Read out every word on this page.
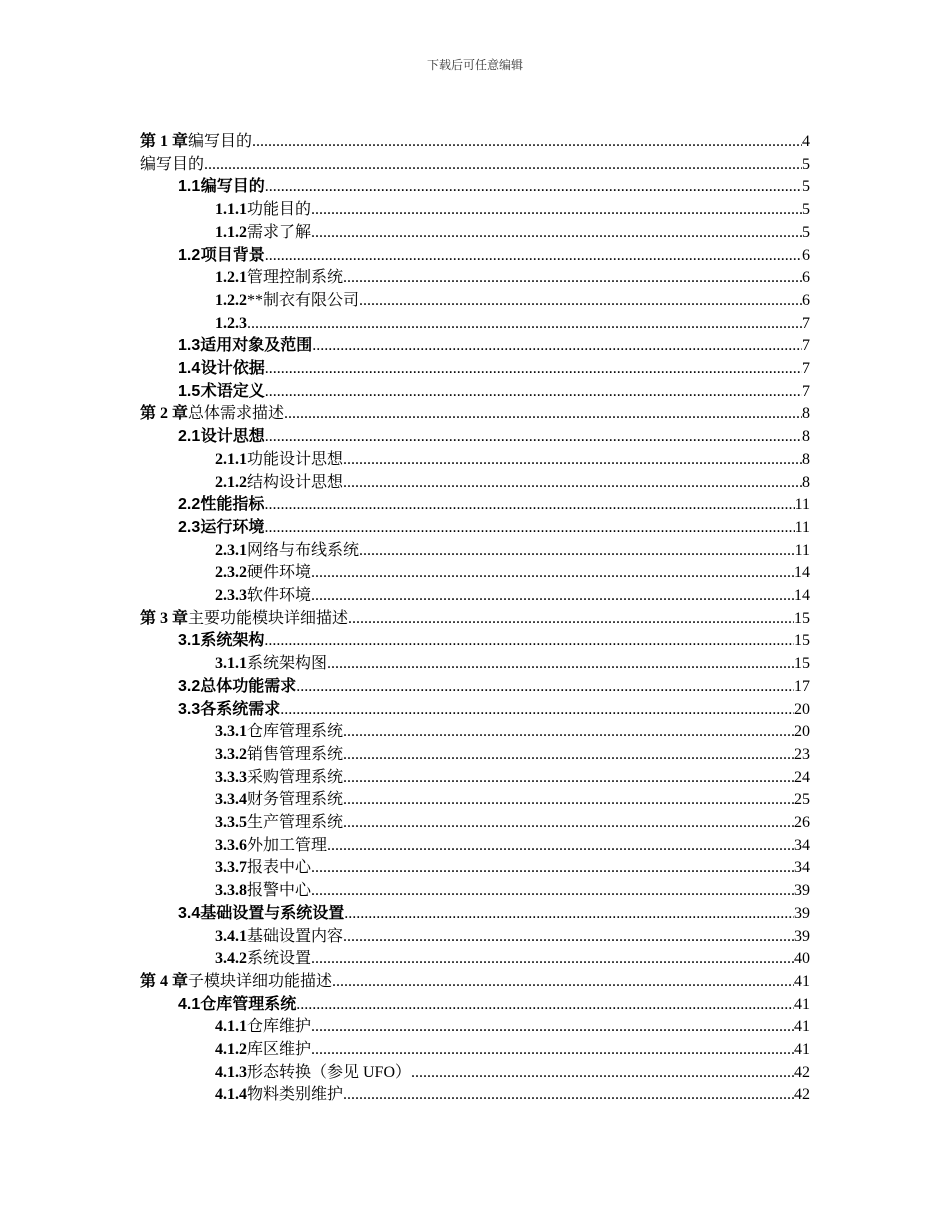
下载后可任意编辑
第 1 章 编写目的 .....	4
编写目的 .....	5
1.1 编写目的 .....	5
1.1.1 功能目的 .....	5
1.1.2 需求了解 .....	5
1.2 项目背景 .....	6
1.2.1 管理控制系统 .....	6
1.2.2 **制衣有限公司 .....	6
1.2.3 .....	7
1.3 适用对象及范围 .....	7
1.4 设计依据 .....	7
1.5 术语定义 .....	7
第 2 章 总体需求描述 .....	8
2.1 设计思想 .....	8
2.1.1 功能设计思想 .....	8
2.1.2 结构设计思想 .....	8
2.2 性能指标 .....	11
2.3 运行环境 .....	11
2.3.1 网络与布线系统 .....	11
2.3.2 硬件环境 .....	14
2.3.3 软件环境 .....	14
第 3 章 主要功能模块详细描述 .....	15
3.1 系统架构 .....	15
3.1.1 系统架构图 .....	15
3.2 总体功能需求 .....	17
3.3 各系统需求 .....	20
3.3.1 仓库管理系统 .....	20
3.3.2 销售管理系统 .....	23
3.3.3 采购管理系统 .....	24
3.3.4 财务管理系统 .....	25
3.3.5 生产管理系统 .....	26
3.3.6 外加工管理 .....	34
3.3.7 报表中心 .....	34
3.3.8 报警中心 .....	39
3.4 基础设置与系统设置 .....	39
3.4.1 基础设置内容 .....	39
3.4.2 系统设置 .....	40
第 4 章 子模块详细功能描述 .....	41
4.1 仓库管理系统 .....	41
4.1.1 仓库维护 .....	41
4.1.2 库区维护 .....	41
4.1.3 形态转换（参见 UFO） .....	42
4.1.4 物料类别维护 .....	42
